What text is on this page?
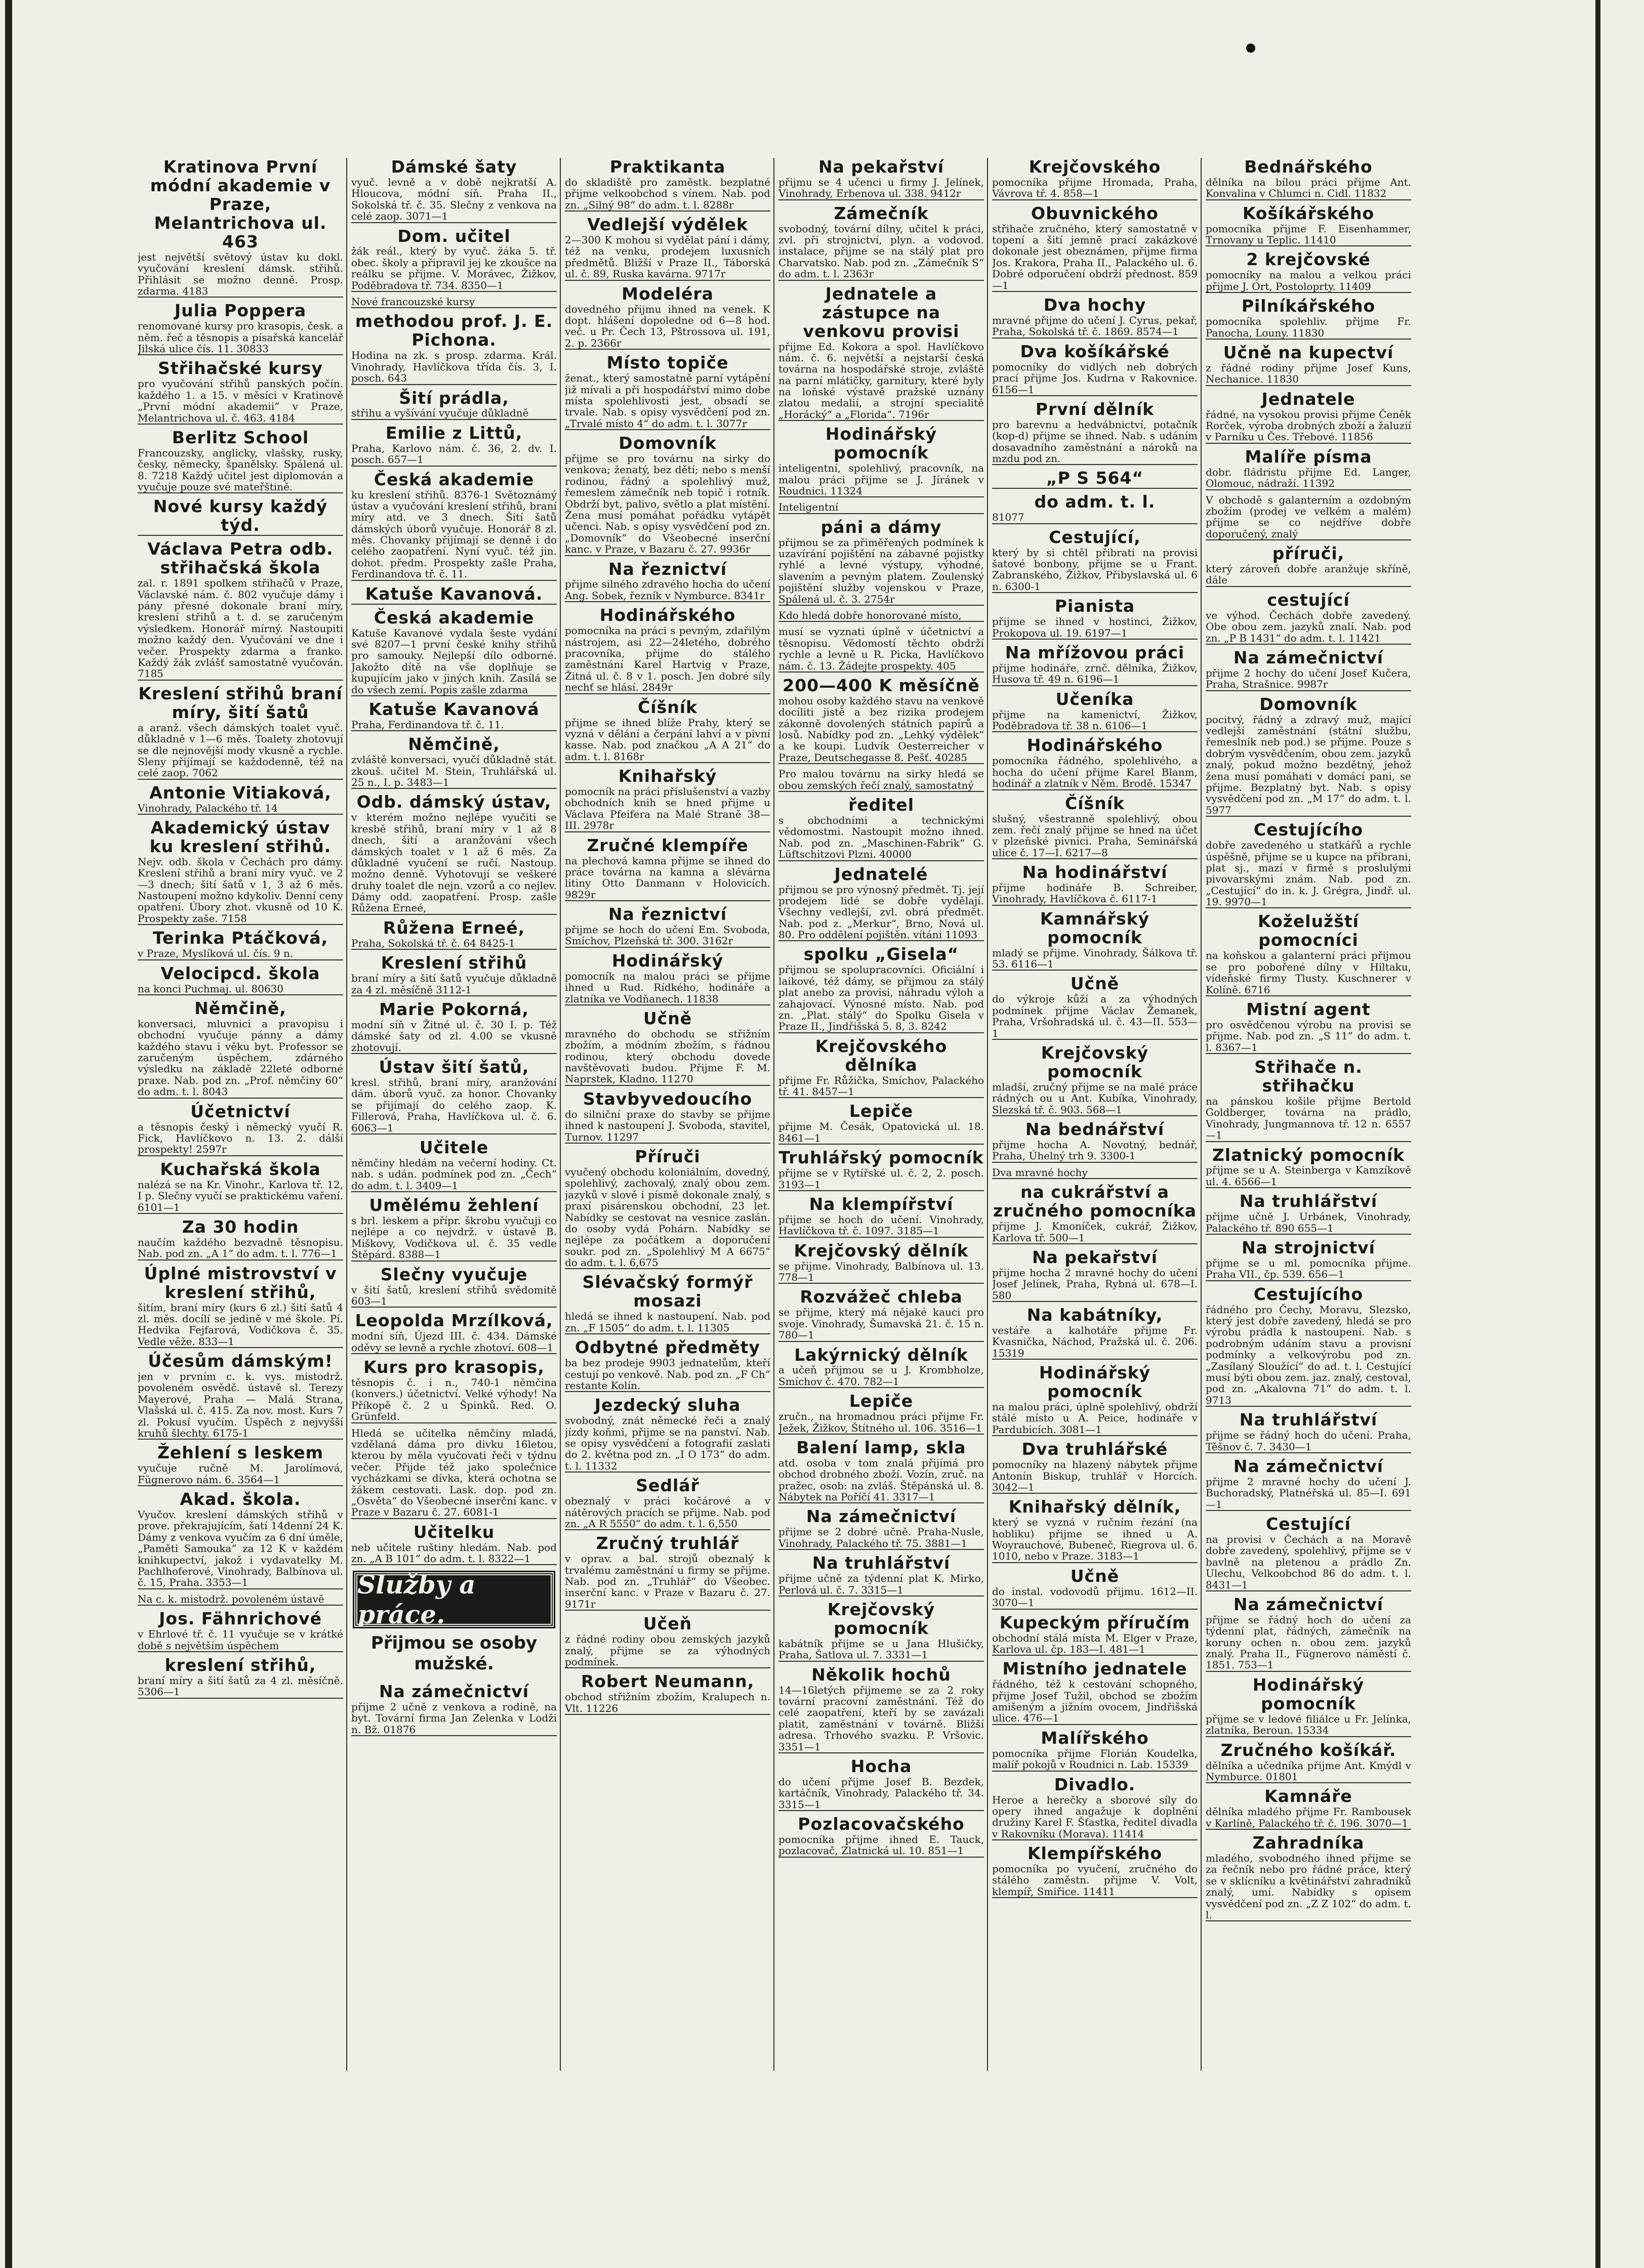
Kratinova První módní akademie v Praze, Melantrichova ul. 463
jest největší světový ústav ku dokl. vyučování kreslení dámsk. střihů. Přihlásit se možno denně. Prosp. zdarma. 4183
Julia Poppera
renomované kursy pro krasopis, česk. a něm. řeč a těsnopis a písařská kancelář Jilská ulice čís. 11. 30833
Střihačské kursy
pro vyučování střihů panských počín. každého 1. a 15. v měsíci v Kratinově „První módní akademii“ v Praze, Melantrichova ul. č. 463. 4184
Berlitz School
Francouzsky, anglicky, vlašsky, rusky, česky, německy, španělsky. Spálená ul. 8. 7218 Každý učitel jest diplomován a vyučuje pouze své mateřštině.
Nové kursy každý týd.
Václava Petra odb. střihačská škola
zal. r. 1891 spolkem střihačů v Praze, Václavské nám. č. 802 vyučuje dámy i pány přesné dokonale braní míry, kreslení střihů a t. d. se zaručeným výsledkem. Honorář mírný. Nastoupiti možno každý den. Vyučování ve dne i večer. Prospekty zdarma a franko. Každý žák zvlášť samostatně vyučován. 7185
Kreslení střihů braní míry, šití šatů
a aranž. všech dámských toalet vyuč. důkladně v 1—6 měs. Toalety zhotovují se dle nejnovější mody vkusně a rychle. Sleny přijímají se každodenně, též na celé zaop. 7062
Antonie Vitiaková,
Vinohrady, Palackého tř. 14
Akademický ústav ku kreslení střihů.
Nejv. odb. škola v Čechách pro dámy. Kreslení střihů a braní míry vyuč. ve 2—3 dnech; šití šatů v 1, 3 až 6 měs. Nastoupení možno kdykoliv. Denní ceny opatření. Úbory zhot. vkusně od 10 K. Prospekty zaše. 7158
Terinka Ptáčková,
v Praze, Myslíková ul. čís. 9 n.
Velocipcd. škola
na konci Puchmaj. ul. 80630
Němčině,
konversaci, mluvnici a pravopisu i obchodní vyučuje pánny a dámy každého stavu i věku byt. Professor se zaručeným úspěchem, zdárného výsledku na základě 22leté odborné praxe. Nab. pod zn. „Prof. němčiny 60“ do adm. t. l. 8043
Účetnictví
a těsnopis český i německý vyučí R. Fick, Havlíčkovo n. 13. 2. dálší prospekty! 2597r
Kuchařská škola
nalézá se na Kr. Vinohr., Karlova tř. 12, I p. Slečny vyučí se praktickému vaření. 6101—1
Za 30 hodin
naučím každého bezvadně těsnopisu. Nab. pod zn. „A 1“ do adm. t. l. 776—1
Úplné mistrovství v kreslení střihů,
šitím, braní míry (kurs 6 zl.) šití šatů 4 zl. měs. docílí se jedině v mé škole. Pí. Hedvika Fejfarová, Vodičkova č. 35. Vedle věže. 833—1
Účesům dámským!
jen v prvním c. k. vys. mistodrž. povoleném osvědč. ústavě sl. Terezy Mayerové, Praha — Malá Strana, Vlašská ul. č. 415. Za nov. most. Kurs 7 zl. Pokusí vyučím. Úspěch z nejvyšší kruhů šlechty. 6175-1
Žehlení s leskem
vyučuje ručně M. Jarolímová, Fügnerovo nám. 6. 3564—1
Akad. škola.
Vyučov. kreslení dámských střihů v prove. překrajujícím, šatí 14denní 24 K. Dámy z venkova vyučím za 6 dní úměle, „Paměti Samouka“ za 12 K v každém knihkupectví, jakož i vydavatelky M. Pachlhoferové, Vinohrady, Balbínova ul. č. 15, Praha. 3353—1
Na c. k. mistodrž. povoleném ústavě
Jos. Fähnrichové
v Ehrlové tř. č. 11 vyučuje se v krátké době s největším úspěchem
kreslení střihů,
braní míry a šití šatů za 4 zl. měsíčně. 5306—1
Dámské šaty
vyuč. levně a v době nejkratší A. Hloucova, módní síň. Praha II., Sokolská tř. č. 35. Slečny z venkova na celé zaop. 3071—1
Dom. učitel
žák reál., který by vyuč. žáka 5. tř. obec. školy a připravil jej ke zkoušce na reálku se přijme. V. Morávec, Žižkov, Poděbradova tř. 734. 8350—1
Nové francouzské kursy
methodou prof. J. E. Pichona.
Hodina na zk. s prosp. zdarma. Král. Vinohrady, Havlíčkova třída čís. 3, I. posch. 643
Šití prádla,
střihu a vyšívání vyučuje důkladně
Emilie z Littů,
Praha, Karlovo nám. č. 36, 2. dv. I. posch. 657—1
Česká akademie
ku kreslení střihů. 8376-1 Světoznámý ústav a vyučování kreslení střihů, braní míry atd. ve 3 dnech. Šití šatů dámských úborů vyučuje. Honorář 8 zl. měs. Chovanky přijímají se denně i do celého zaopatření. Nyní vyuč. též jin. dohot. předm. Prospekty zašle Praha, Ferdinandova tř. č. 11.
Katuše Kavanová.
Česká akademie
Katuše Kavanové vydala šeste vydání své 8207—1 první české knihy střihů pro samouky. Nejlepší dílo odborné. Jakožto dítě na vše doplňuje se kupujícím jako v jiných knih. Zasílá se do všech zemí. Popis zašle zdarma
Katuše Kavanová
Praha, Ferdinandova tř. č. 11.
Němčině,
zvláště konversaci, vyučí důkladně stát. zkouš. učitel M. Stein, Truhlářská ul. 25 n., I. p. 3483—1
Odb. dámský ústav,
v kterém možno nejlépe vyučiti se kresbě střihů, braní míry v 1 až 8 dnech, šití a aranžování všech dámských toalet v 1 až 6 měs. Za důkladné vyučení se ručí. Nastoup. možno denně. Vyhotovují se veškeré druhy toalet dle nejn. vzorů a co nejlev. Dámy odd. zaopatření. Prosp. zašle Růžena Erneé,
Růžena Erneé,
Praha, Sokolská tř. č. 64 8425-1
Kreslení střihů
braní míry a šití šatů vyučuje důkladně za 4 zl. měsíčně 3112-1
Marie Pokorná,
modní síň v Žitné ul. č. 30 I. p. Též dámské šaty od zl. 4.00 se vkusně zhotovují.
Ústav šití šatů,
kresl. střihů, braní míry, aranžování dám. úborů vyuč. za honor. Chovanky se přijímají do celého zaop. K. Fillerová, Praha, Havlíčkova ul. č. 6. 6063—1
Učitele
němčiny hledám na večerní hodiny. Ct. nab. s udán. podmínek pod zn. „Čech“ do adm. t. l. 3409—1
Umělému žehlení
s brl. leskem a přípr. škrobu vyučuji co nejlépe a co nejvdrž. v ústavě B. Miškovy, Vodičkova ul. č. 35 vedle Štěpárd. 8388—1
Slečny vyučuje
v šití šatů, kreslení střihů svědomitě 603—1
Leopolda Mrzílková,
modní síň, Újezd III. č. 434. Dámské oděvy se levně a rychle zhotoví. 608—1
Kurs pro krasopis,
těsnopis č. i n., 740-1 němčina (konvers.) účetnictví. Velké výhody! Na Příkopě č. 2 u Špinků. Red. O. Grünfeld.
Hledá se učitelka němčiny mladá, vzdělaná dáma pro divku 16letou, kterou by měla vyučovati řeči v týdnu večer. Přijde též jako společnice vycházkami se dívka, která ochotna se žákem cestovati. Lask. dop. pod zn. „Osvěta“ do Všeobecné inserční kanc. v Praze v Bazaru č. 27. 6081-1
Učitelku
neb učitele ruštiny hledám. Nab. pod zn. „A B 101“ do adm. t. l. 8322—1
Služby a práce.
Přijmou se osoby mužské.
Na zámečnictví
přijme 2 učně z venkova a rodině, na byt. Tovární firma Jan Zelenka v Lodži n. Bž. 01876
Praktikanta
do skladiště pro zaměstk. bezplatné přijme velkoobchod s vínem. Nab. pod zn. „Silný 98“ do adm. t. l. 8288r
Vedlejší výdělek
2—300 K mohou si vydělat pání i dámy, též na venku, prodejem luxusních předmětů. Bližší v Praze II., Táborská ul. č. 89, Ruska kavárna. 9717r
Modeléra
dovedného přijmu ihned na venek. K dopt. hlášení dopoledne od 6—8 hod. več. u Pr. Čech 13, Pštrossova ul. 191, 2. p. 2366r
Místo topiče
ženat., který samostatně parní vytápění již mívali a při hospodářství mimo dobe místa spolehlivosti jest, obsadí se trvale. Nab. s opisy vysvědčení pod zn. „Trvalé místo 4“ do adm. t. l. 3077r
Domovník
přijme se pro továrnu na sirky do venkova; ženatý, bez dětí; nebo s menší rodinou, řádný a spolehlivý muž, řemeslem zámečník neb topič i rotník. Obdrží byt, palivo, světlo a plat místění. Žena musí pomáhat pořádku vytápět učenci. Nab. s opisy vysvědčení pod zn. „Domovník“ do Všeobecné inserční kanc. v Praze, v Bazaru č. 27. 9936r
Na řeznictví
přijme silného zdravého hocha do učení Ang. Sobek, řezník v Nymburce. 8341r
Hodinářského
pomocníka na práci s pevným, zdařilým nástrojem, asi 22—24letého, dobrého pracovníka, přijme do stálého zaměstnání Karel Hartvig v Praze, Žitná ul. č. 8 v 1. posch. Jen dobré síly nechť se hlásí. 2849r
Číšník
přijme se ihned blíže Prahy, který se vyzná v dělání a čerpání lahví a v pivní kasse. Nab. pod značkou „A A 21“ do adm. t. l. 8168r
Knihařský
pomocník na práci příslušenství a vazby obchodních knih se hned přijme u Václava Pfeifera na Malé Straně 38—III. 2978r
Zručné klempíře
na plechová kamna přijme se ihned do práce továrna na kamna a slévárna litiny Otto Danmann v Holovicích. 9829r
Na řeznictví
přijme se hoch do učení Em. Svoboda, Smíchov, Plzeňská tř. 300. 3162r
Hodinářský
pomocník na malou práci se přijme ihned u Rud. Rídkého, hodináře a zlatníka ve Vodňanech. 11838
Učně
mravného do obchodu se střižním zbožím, a módním zbožím, s řádnou rodinou, který obchodu dovede navštěvovati budou. Přijme F. M. Naprstek, Kladno. 11270
Stavbyvedoucího
do silniční praxe do stavby se přijme ihned k nastoupení J. Svoboda, stavitel, Turnov. 11297
Příruči
vyučený obchodu koloniálním, dovedný, spolehlivý, zachovalý, znalý obou zem. jazyků v slově i písmě dokonale znalý, s praxí pisárenskou obchodní, 23 let. Nabídky se cestovat na vesnice zaslán. do osoby vydá Pohárn. Nabídky se nejlépe za počátkem a doporučení soukr. pod zn. „Spolehlivý M A 6675“ do adm. t. l. 6,675
Slévačský formýř mosazi
hledá se ihned k nastoupení. Nab. pod zn. „F 1505“ do adm. t. l. 11305
Odbytné předměty
ba bez prodeje 9903 jednatelům, kteří cestují po venkově. Nab. pod zn. „F Ch“ restante Kolín.
Jezdecký sluha
svobodný, znát německé řeči a znalý jízdy koňmi, přijme se na panství. Nab. se opisy vysvědčení a fotografií zaslati do 2. května pod zn. „I O 173“ do adm. t. l. 11332
Sedlář
obeznalý v práci kočárové a v nátěrových pracích se přijme. Nab. pod zn. „A R 5550“ do adm. t. l. 6,550
Zručný truhlář
v oprav. a bal. strojů obeznalý k trvalému zaměstnání u firmy se přijme. Nab. pod zn. „Truhlář“ do Všeobec. inserční kanc. v Praze v Bazaru č. 27. 9171r
Učeň
z řádné rodiny obou zemských jazyků znalý, přijme se za výhodných podmínek.
Robert Neumann,
obchod střižním zbožím, Kralupech n. Vlt. 11226
Na pekařství
přijmu se 4 učenci u firmy J. Jelínek, Vinohrady, Erbenova ul. 338. 9412r
Zámečník
svobodný, tovární dílny, učitel k práci, zvl. při strojnictví, plyn. a vodovod. instalace, přijme se na stálý plat pro Charvatsko. Nab. pod zn. „Zámečník S“ do adm. t. l. 2363r
Jednatele a zástupce na venkovu provisi
přijme Ed. Kokora a spol. Havlíčkovo nám. č. 6. největší a nejstarší česká továrna na hospodářské stroje, zvláště na parní mlátičky, garnitury, které byly na loňské výstavě pražské uznány zlatou medalií, a strojní specialitě „Horácký“ a „Florida“. 7196r
Hodinářský pomocník
inteligentní, spolehlivý, pracovník, na malou práci přijme se J. Jíránek v Roudnici. 11324
Inteligentní
páni a dámy
přijmou se za přiměřených podmínek k uzavírání pojištění na zábavné pojistky ryhlé a levné výstupy, výhodné, slavením a pevným platem. Zoulenský pojištění služby vojenskou v Praze, Spálená ul. č. 3. 2754r
Kdo hledá dobře honorované místo,
musí se vyznati úplně v účetnictví a těsnopisu. Vědomostí těchto obdrží rychle a levně u R. Picka, Havlíčkovo nám. č. 13. Žádejte prospekty. 405
200—400 K měsíčně
mohou osoby každého stavu na venkově docíliti jistě a bez rizika prodejem zákonně dovolených státních papírů a losů. Nabídky pod zn. „Lehký výdělek“ a ke koupi. Ludvík Oesterreicher v Praze, Deutschegasse 8. Pešť. 40285
Pro malou továrnu na sirky hledá se obou zemských řečí znalý, samostatný
ředitel
s obchodními a technickými vědomostmi. Nastoupit možno ihned. Nab. pod zn. „Maschinen-Fabrik“ G. Lüftschitzovi Plzni. 40000
Jednatelé
přijmou se pro výnosný předmět. Tj. její prodejem lidé se dobře vydělají. Všechny vedlejší, zvl. obrá předmět. Nab. pod z. „Merkur“, Brno, Nová ul. 80. Pro oddělení pojištěn. vítáni 11093
spolku „Gisela“
přijmou se spolupracovníci. Oficiální i laikové, též dámy, se přijmou za stálý plat anebo za provisi, náhradu výloh a zahajovací. Výnosné místo. Nab. pod zn. „Plat. stálý“ do Spolku Gisela v Praze II., Jindřišská 5. 8, 3. 8242
Krejčovského dělníka
přijme Fr. Růžička, Smíchov, Palackého tř. 41. 8457—1
Lepiče
přijme M. Česák, Opatovická ul. 18. 8461—1
Truhlářský pomocník
přijme se v Rytířské ul. č. 2, 2. posch. 3193—1
Na klempířství
přijme se hoch do učení. Vinohrady, Havlíčkova tř. č. 1097. 3185—1
Krejčovský dělník
se přijme. Vinohrady, Balbínova ul. 13. 778—1
Rozvážeč chleba
se přijme, který má nějaké kauci pro svoje. Vinohrady, Šumavská 21. č. 15 n. 780—1
Lakýrnický dělník
a učeň přijmou se u J. Krombholze, Smíchov č. 470. 782—1
Lepiče
zručn., na hromadnou práci přijme Fr. Ježek, Žižkov, Štítného ul. 106. 3516—1
Balení lamp, skla
atd. osoba v tom znalá přijímá pro obchod drobného zboží. Vozín, zruč. na pražec, osob: na zvláš. Štěpánská ul. 8. Nábytek na Poříčí 41. 3317—1
Na zámečnictví
přijme se 2 dobré učně. Praha-Nusle, Vinohrady, Palackého tř. 75. 3881—1
Na truhlářství
přijme učně za týdenní plat K. Mirko, Perlová ul. č. 7. 3315—1
Krejčovský pomocník
kabátník přijme se u Jana Hlušičky, Praha, Šatlova ul. 7. 3331—1
Několik hochů
14—16letých přijmeme se za 2 roky tovární pracovní zaměstnání. Též do celé zaopatření, kteří by se zavázali platit, zaměstnání v továrně. Bližší adresa. Trhového svazku. P. Vršovic. 3351—1
Hocha
do učení přijme Josef B. Bezdek, kartáčník, Vinohrady, Palackého tř. 34. 3315—1
Pozlacovačského
pomocníka přijme ihned E. Tauck, pozlacovač, Zlatnická ul. 10. 851—1
Krejčovského
pomocníka přijme Hromada, Praha, Vávrova tř. 4. 858—1
Obuvnického
střihače zručného, který samostatně v topení a šití jemně prací zakázkové dokonale jest obeznámen, přijme firma Jos. Krakora, Praha II., Palackého ul. 6. Dobré odporučení obdrží přednost. 859—1
Dva hochy
mravné přijme do učení J. Cyrus, pekař, Praha, Sokolská tř. č. 1869. 8574—1
Dva košíkářské
pomocníky do vidlých neb dobrých prací přijme Jos. Kudrna v Rakovnice. 6156—1
První dělník
pro barevnu a hedvábnictví, potačník (kop-d) přijme se ihned. Nab. s udáním dosavadního zaměstnání a nároků na mzdu pod zn.
„P S 564“
do adm. t. l.
81077
Cestující,
který by si chtěl přibrati na provisi šatové bonbony, přijme se u Frant. Zabranského, Žižkov, Přibyslavská ul. 6 n. 6300-1
Pianista
přijme se ihned v hostinci, Žižkov, Prokopova ul. 19. 6197—1
Na mřížovou práci
přijme hodináře, zrnč. dělníka, Žižkov, Husova tř. 49 n. 6196—1
Učeníka
přijme na kamenictví, Žižkov, Poděbradova tř. 38 n. 6106—1
Hodinářského
pomocníka řádného, spolehlivého, a hocha do učení přijme Karel Blanm, hodinář a zlatník v Něm. Brodě. 15347
Číšník
slušný, všestranně spolehlivý, obou zem. řečí znalý přijme se hned na účet v plzeňské pivnici. Praha, Seminářská ulice č. 17—I. 6217—8
Na hodinářství
přijme hodináře B. Schreiber, Vinohrady, Havlíčkova č. 6117-1
Kamnářský pomocník
mladý se přijme. Vinohrady, Šálkova tř. 53. 6116—1
Učně
do výkroje kůží a za výhodných podmínek přijme Václav Žemanek, Praha, Vršohradská ul. č. 43—II. 553—1
Krejčovský pomocník
mladší, zručný přijme se na malé práce rádných ou u Ant. Kubíka, Vinohrady, Slezská tř. č. 903. 568—1
Na bednářství
přijme hocha A. Novotný, bednář, Praha, Úhelný trh 9. 3300-1
Dva mravné hochy
na cukrářství a zručného pomocníka
přijme J. Kmoníček, cukrář, Žižkov, Karlova tř. 500—1
Na pekařství
přijme hocha 2 mravné hochy do učení Josef Jelínek, Praha, Rybná ul. 678—I. 580
Na kabátníky,
vestáře a kalhotáře přijme Fr. Kvasnička, Náchod, Pražská ul. č. 206. 15319
Hodinářský pomocník
na malou práci, úplně spolehlivý, obdrží stálé místo u A. Peice, hodináře v Pardubicích. 3081—1
Dva truhlářské
pomocníky na hlazený nábytek přijme Antonín Biskup, truhlář v Horcích. 3042—1
Knihařský dělník,
který se vyzná v ručním řezání (na hobliku) přijme se ihned u A. Woyrauchové, Bubeneč, Riegrova ul. 6. 1010, nebo v Praze. 3183—1
Učně
do instal. vodovodů přijmu. 1612—II. 3070—1
Kupeckým příručím
obchodní stálá místa M. Elger v Praze, Karlova ul. čp. 183—I. 481—1
Mistního jednatele
řádného, též k cestování schopného, přijme Josef Tužil, obchod se zbožím amišeným a jižním ovocem, Jindřišská ulice. 476—1
Malířského
pomocníka přijme Florián Koudelka, malíř pokojů v Roudnici n. Lab. 15339
Divadlo.
Heroe a herečky a sborové síly do opery ihned angažuje k doplnění družiny Karel F. Šťastka, ředitel divadla v Rakovníku (Morava). 11414
Klempířského
pomocníka po vyučení, zručného do stálého zaměstn. přijme V. Volt, klempíř, Smiřice. 11411
Bednářského
dělníka na bílou práci přijme Ant. Konvalina v Chlumci n. Cidl. 11832
Košíkářského
pomocníka přijme F. Eisenhammer, Trnovany u Teplic. 11410
2 krejčovské
pomocníky na malou a velkou práci přijme J. Ort, Postoloprty. 11409
Pilníkářského
pomocníka spolehliv. přijme Fr. Panocha, Louny. 11830
Učně na kupectví
z řádné rodiny přijme Josef Kuns, Nechanice. 11830
Jednatele
řádné, na vysokou provisi přijme Čeněk Rorček, výroba drobných zboží a žaluzií v Parníku u Čes. Třebové. 11856
Malíře písma
dobr. fládristu přijme Ed. Langer, Olomouc, nádraží. 11392
V obchodě s galanterním a ozdobným zbožím (prodej ve velkém a malém) přijme se co nejdříve dobře doporučený, znalý
příruči,
který zároveň dobře aranžuje skříně, dále
cestující
ve výhod. Čechách dobře zavedený. Obe obou zem. jazyků znalí. Nab. pod zn. „P B 1431“ do adm. t. l. 11421
Na zámečnictví
přijme 2 hochy do učení Josef Kučera, Praha, Strašnice. 9987r
Domovník
pocitvý, řádný a zdravý muž, mající vedlejší zaměstnání (státní službu, řemeslník neb pod.) se přijme. Pouze s dobrým vysvědčením, obou zem. jazyků znalý, pokud možno bezdětný, jehož žena musí pomáhati v domácí pani, se přijme. Bezplatný byt. Nab. s opisy vysvědčení pod zn. „M 17“ do adm. t. l. 5977
Cestujícího
dobře zavedeného u statkářů a rychle úspěšně, přijme se u kupce na příbrani, plat sj., mazí v firmě s proslulými pivovarskými znám. Nab. pod zn. „Cestující“ do in. k. J. Grégra, Jindř. ul. 19. 9970—1
Koželužští pomocníci
na koňskou a galanterní práci přijmou se pro pobořené dílny v Hiltaku, vídeňské firmy Tlusty. Kuschnerer v Kolíně. 6716
Mistní agent
pro osvědčenou výrobu na provisi se přijme. Nab. pod zn. „S 11“ do adm. t. l. 8367—1
Střihače n. střihačku
na pánskou košile přijme Bertold Goldberger, továrna na prádlo, Vinohrady, Jungmannova tř. 12 n. 6557—1
Zlatnický pomocník
přijme se u A. Steinberga v Kamzíkově ul. 4. 6566—1
Na truhlářství
přijme učně J. Urbánek, Vinohrady, Palackého tř. 890 655—1
Na strojnictví
přijme se u ml. pomocníka přijme. Praha VII., čp. 539. 656—1
Cestujícího
řádného pro Čechy, Moravu, Slezsko, který jest dobře zavedený, hledá se pro výrobu prádla k nastoupení. Nab. s podrobným udáním stavu a provisní podmínky a velkovýrobu pod zn. „Zasílaný Sloužící“ do ad. t. l. Cestující musí býti obou zem. jaz. znalý, cestoval, pod zn. „Akalovna 71“ do adm. t. l. 9713
Na truhlářství
přijme se řádný hoch do učení. Praha, Těšnov č. 7. 3430—1
Na zámečnictví
přijme 2 mravné hochy do učení J. Buchoradský, Platnéřská ul. 85—I. 691—1
Cestující
na provisi v Čechách a na Moravě dobře zavedený, spolehlivý, přijme se v bavlně na pletenou a prádlo Zn. Ulechu, Velkoobchod 86 do adm. t. l. 8431—1
Na zámečnictví
přijme se řádný hoch do učení za týdenní plat, řádných, zámečník na koruny ochen n. obou zem. jazyků znalý. Praha II., Fügnerovo náměstí č. 1851. 753—1
Hodinářský pomocník
přijme se v ledové filiálce u Fr. Jelínka, zlatníka, Beroun. 15334
Zručného košíkář.
dělníka a učedníka přijme Ant. Kmýdl v Nymburce. 01801
Kamnáře
dělníka mladého přijme Fr. Rambousek v Karlíně, Palackého tř. č. 196. 3070—1
Zahradníka
mladého, svobodného ihned přijme se za řečník nebo pro řádné práce, který se v sklícníku a květinářství zahradníků znalý, umí. Nabídky s opisem vysvědčení pod zn. „Z Z 102“ do adm. t. l.
